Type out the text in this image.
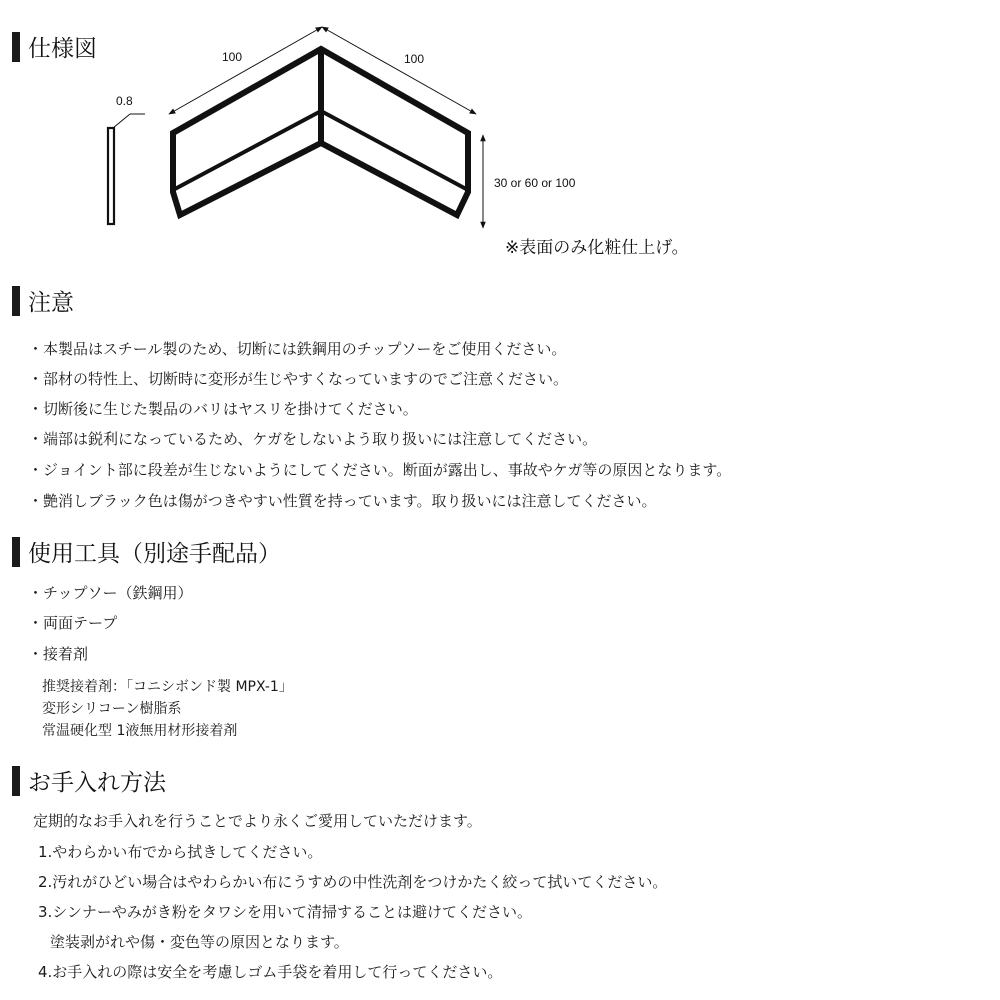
仕様図
0.8
100	100
30 or 60 or 100
※表面のみ化粧仕上げ。
注意
・本製品はスチール製のため、切断には鉄鋼用のチップソーをご使用ください。
・部材の特性上、切断時に変形が生じやすくなっていますのでご注意ください。
・切断後に生じた製品のバリはヤスリを掛けてください。
・端部は鋭利になっているため、ケガをしないよう取り扱いには注意してください。
・ジョイント部に段差が生じないようにしてください。断面が露出し、事故やケガ等の原因となります。
・艶消しブラック色は傷がつきやすい性質を持っています。取り扱いには注意してください。
使用工具（別途手配品）
・チップソー（鉄鋼用）
・両面テープ
・接着剤
推奨接着剤：「コニシボンド製 MPX-1」
変形シリコーン樹脂系
常温硬化型 1液無用材形接着剤
お手入れ方法
定期的なお手入れを行うことでより永くご愛用していただけます。
1.やわらかい布でから拭きしてください。
2.汚れがひどい場合はやわらかい布にうすめの中性洗剤をつけかたく絞って拭いてください。
3.シンナーやみがき粉をタワシを用いて清掃することは避けてください。
塗装剥がれや傷・変色等の原因となります。
4.お手入れの際は安全を考慮しゴム手袋を着用して行ってください。
